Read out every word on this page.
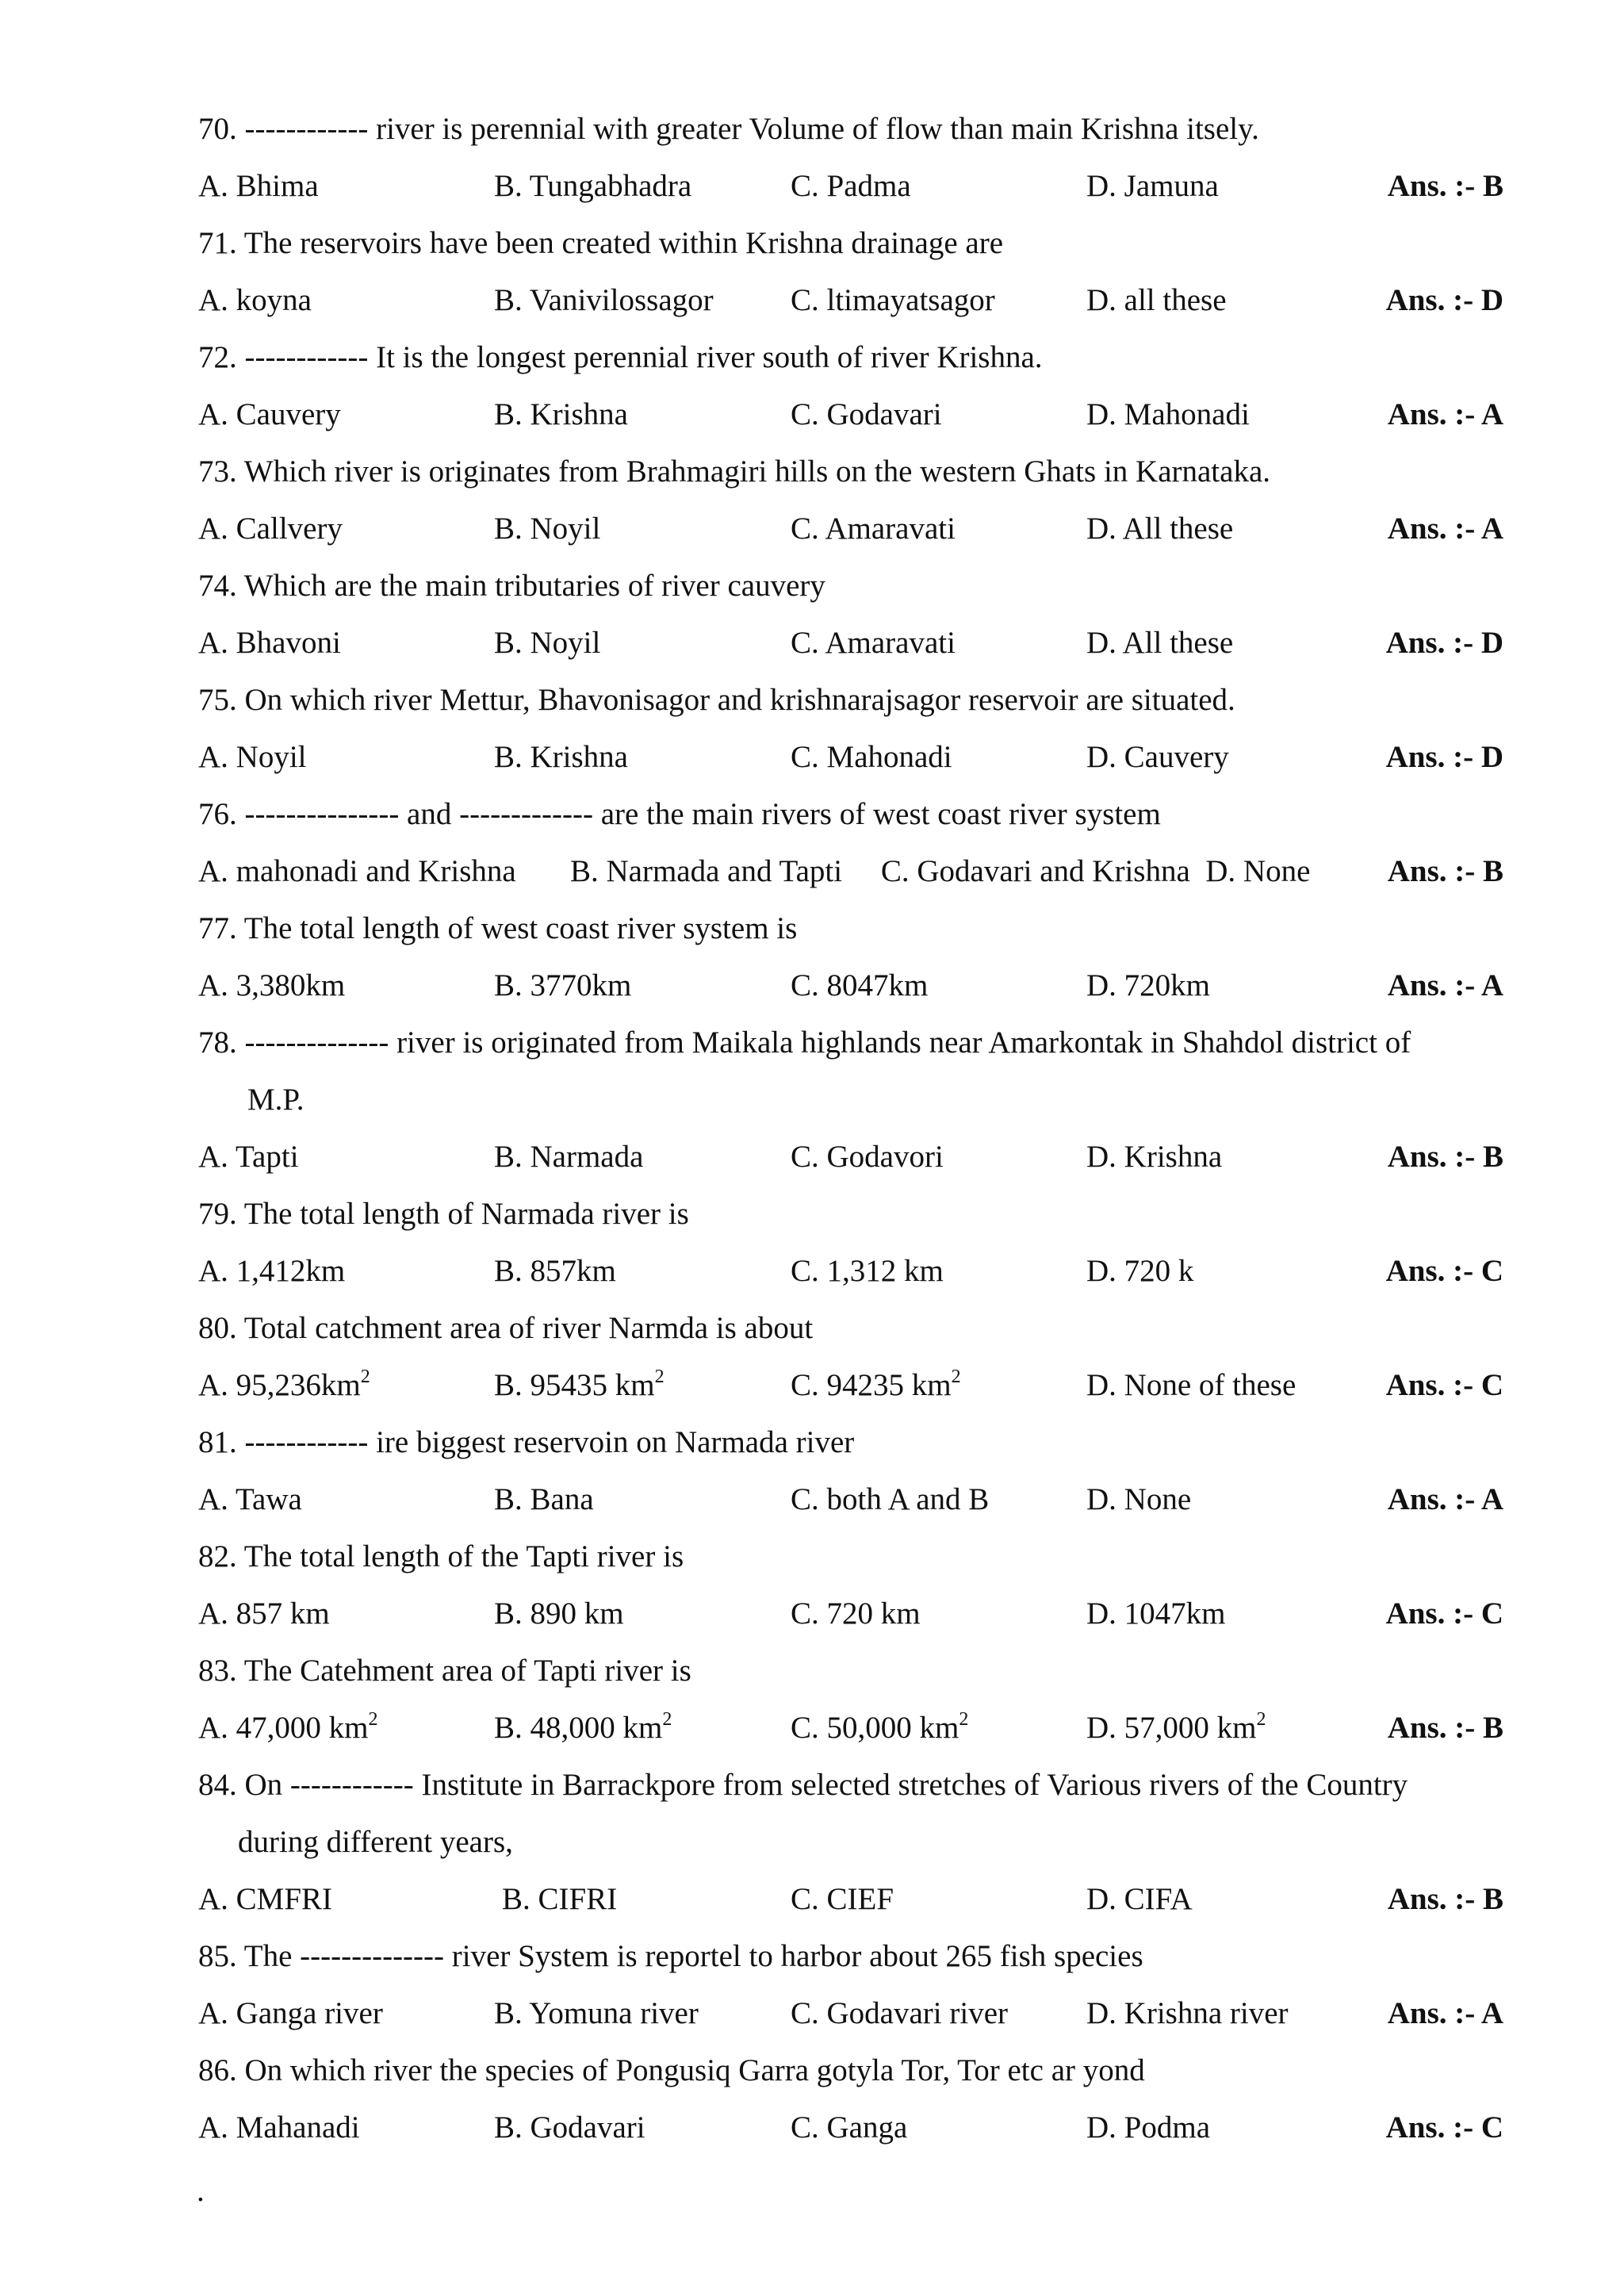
70. ------------ river is perennial with greater Volume of flow than main Krishna itsely.
A. Bhima	B. Tungabhadra	C. Padma	D. Jamuna	Ans. :- B
71. The reservoirs have been created within Krishna drainage are
A. koyna	B. Vanivilossagor C. ltimayatsagor	D. all these	Ans. :- D
72. ------------ It is the longest perennial river south of river Krishna.
A. Cauvery	B. Krishna	C. Godavari	D. Mahonadi	Ans. :- A
73. Which river is originates from Brahmagiri hills on the western Ghats in Karnataka.
A. Callvery	B. Noyil	C. Amaravati	D. All these	Ans. :- A
74. Which are the main tributaries of river cauvery
A. Bhavoni	B. Noyil	C. Amaravati	D. All these	Ans. :- D
75. On which river Mettur, Bhavonisagor and krishnarajsagor reservoir are situated.
A. Noyil	B. Krishna	C. Mahonadi	D. Cauvery	Ans. :- D
76. --------------- and ------------- are the main rivers of west coast river system
A. mahonadi and Krishna       B. Narmada and Tapti     C. Godavari and Krishna  D. None Ans. :- B
77. The total length of west coast river system is
A. 3,380km	B. 3770km	C. 8047km	D. 720km	Ans. :- A
78. -------------- river is originated from Maikala highlands near Amarkontak in Shahdol district of
M.P.
A. Tapti	B. Narmada	C. Godavori	D. Krishna	Ans. :- B
79. The total length of Narmada river is
A. 1,412km	B. 857km	C. 1,312 km	D. 720 k	Ans. :- C
80. Total catchment area of river Narmda is about
A. $95,236km^2$	B. 95435 $km^2$	C. 94235 $km^2$	D. None of these	Ans. :- C
81. ------------ ire biggest reservoin on Narmada river
A. Tawa	B. Bana	C. both A and B	D. None	Ans. :- A
82. The total length of the Tapti river is
A. 857 km	B. 890 km	C. 720 km	D. 1047km	Ans. :- C
83. The Catehment area of Tapti river is
A. 47,000 $km^2$	B. 48,000 $km^2$	C. 50,000 $km^2$	D. 57,000 $km^2$	Ans. :- B
84. On ------------ Institute in Barrackpore from selected stretches of Various rivers of the Country
during different years,
A. CMFRI	B. CIFRI	C. CIEF	D. CIFA	Ans. :- B
85. The -------------- river System is reportel to harbor about 265 fish species
A. Ganga river	B. Yomuna river	C. Godavari river	D. Krishna river	Ans. :- A
86. On which river the species of Pongusiq Garra gotyla Tor, Tor etc ar yond
A. Mahanadi	B. Godavari	C. Ganga	D. Podma	Ans. :- C
.
